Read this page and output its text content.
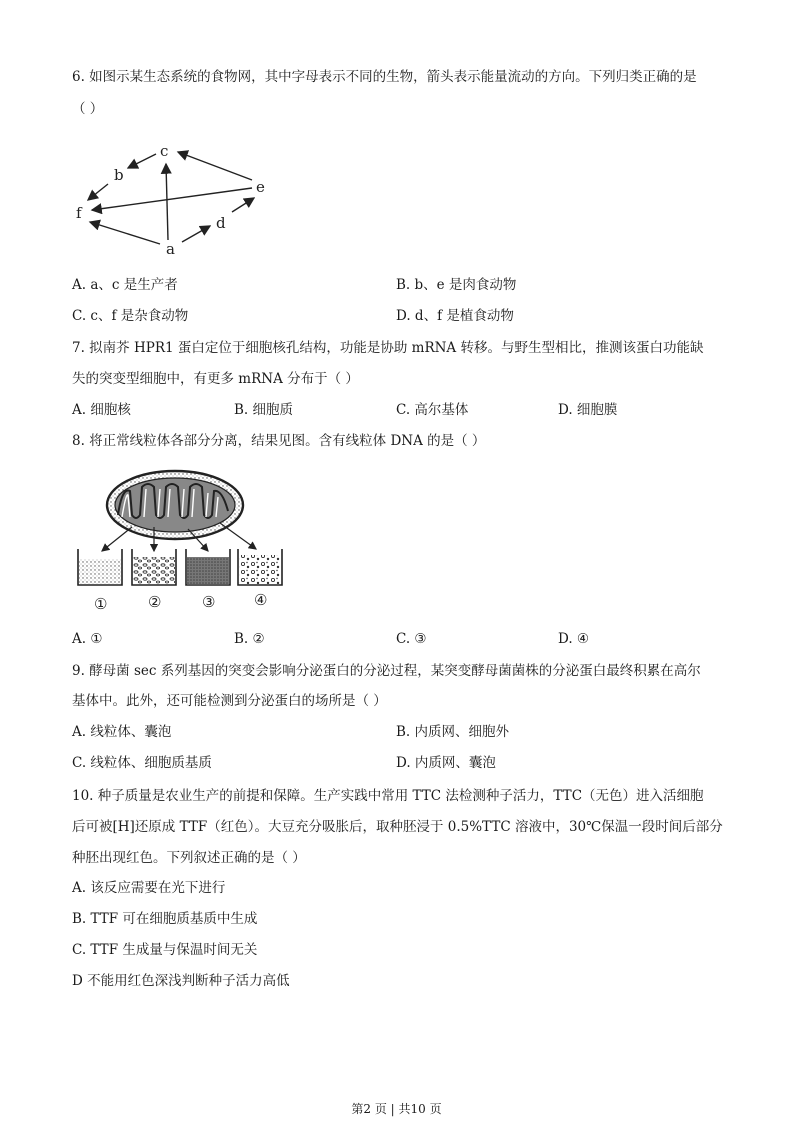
6. 如图示某生态系统的食物网，其中字母表示不同的生物，箭头表示能量流动的方向。下列归类正确的是
（ ）
c
b
e
f
d
a
A. a、c 是生产者	B. b、e 是肉食动物
C. c、f 是杂食动物	D. d、f 是植食动物
7. 拟南芥 HPR1 蛋白定位于细胞核孔结构，功能是协助 mRNA 转移。与野生型相比，推测该蛋白功能缺
失的突变型细胞中，有更多 mRNA 分布于（ ）
A. 细胞核	B. 细胞质	C. 高尔基体	D. 细胞膜
8. 将正常线粒体各部分分离，结果见图。含有线粒体 DNA 的是（ ）
①	②	③	④
A. ①	B. ②	C. ③	D. ④
9. 酵母菌 sec 系列基因的突变会影响分泌蛋白的分泌过程，某突变酵母菌菌株的分泌蛋白最终积累在高尔
基体中。此外，还可能检测到分泌蛋白的场所是（ ）
A. 线粒体、囊泡	B. 内质网、细胞外
C. 线粒体、细胞质基质	D. 内质网、囊泡
10. 种子质量是农业生产的前提和保障。生产实践中常用 TTC 法检测种子活力，TTC（无色）进入活细胞
后可被[H]还原成 TTF（红色）。大豆充分吸胀后，取种胚浸于 0.5%TTC 溶液中，30℃保温一段时间后部分
种胚出现红色。下列叙述正确的是（ ）
A. 该反应需要在光下进行
B. TTF 可在细胞质基质中生成
C. TTF 生成量与保温时间无关
D 不能用红色深浅判断种子活力高低
第2 页 | 共10 页
